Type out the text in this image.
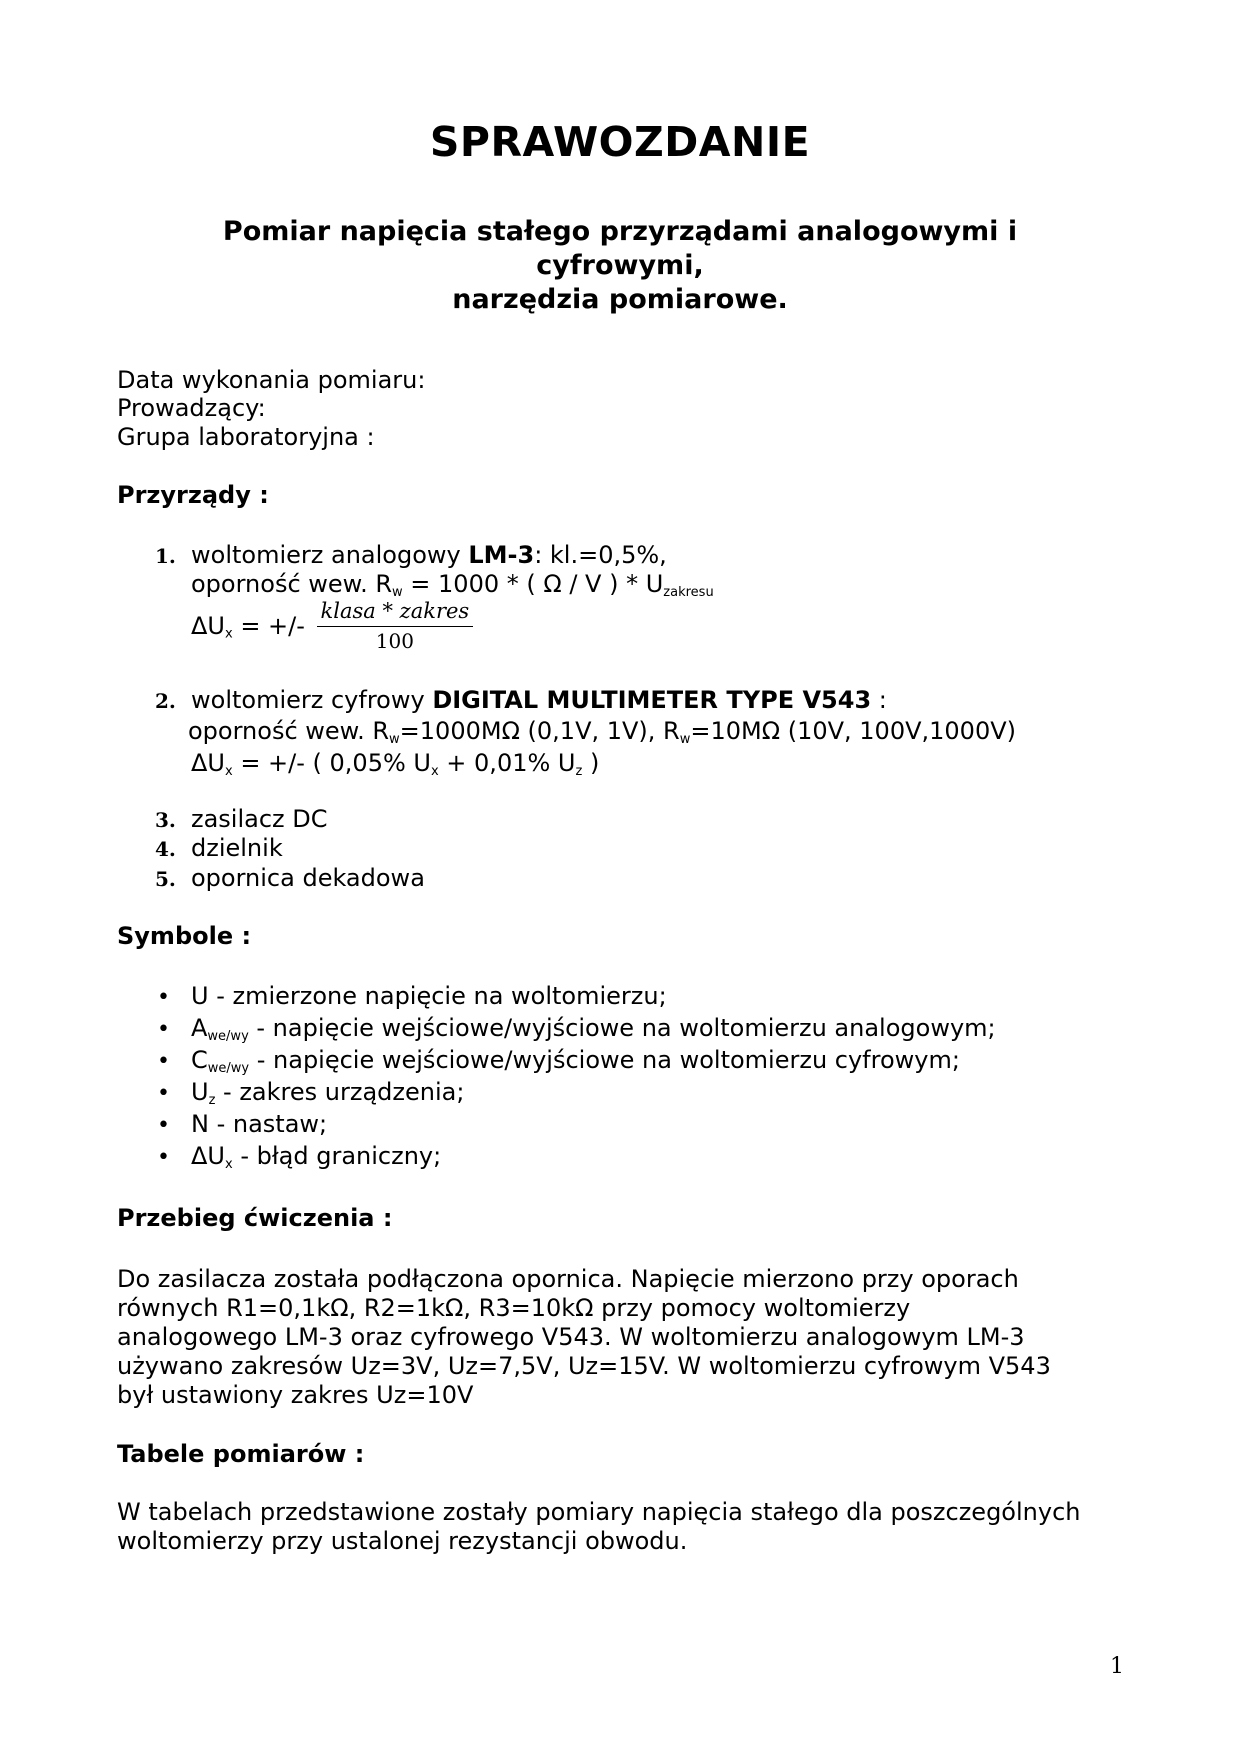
SPRAWOZDANIE
Pomiar napięcia stałego przyrządami analogowymi i
cyfrowymi,
narzędzia pomiarowe.
Data wykonania pomiaru:
Prowadzący:
Grupa laboratoryjna :
Przyrządy :
1. woltomierz analogowy LM-3: kl.=0,5%,
oporność wew. $R_w = 1000$ * ( Ω / V ) * $U_{zakresu}$
$\Delta U_x$ = +/- $\frac{\text{klasa * zakres}}{100}$
2. woltomierz cyfrowy DIGITAL MULTIMETER TYPE V543 :
oporność wew. $R_w=1000M\Omega$ (0,1V, 1V), $R_w=10M\Omega$ (10V, 100V,1000V)
$\Delta U_x$ = +/- ( 0,05% $U_x + 0,01\%$ $U_z$ )
3. zasilacz DC
4. dzielnik
5. opornica dekadowa
Symbole :
• U - zmierzone napięcie na woltomierzu;
• $A_{we/wy}$ - napięcie wejściowe/wyjściowe na woltomierzu analogowym;
• $C_{we/wy}$ - napięcie wejściowe/wyjściowe na woltomierzu cyfrowym;
• $U_z$ - zakres urządzenia;
• N - nastaw;
• $\Delta U_x$ - błąd graniczny;
Przebieg ćwiczenia :
Do zasilacza została podłączona opornica. Napięcie mierzono przy oporach
równych R1=0,1kΩ, R2=1kΩ, R3=10kΩ przy pomocy woltomierzy
analogowego LM-3 oraz cyfrowego V543. W woltomierzu analogowym LM-3
używano zakresów Uz=3V, Uz=7,5V, Uz=15V. W woltomierzu cyfrowym V543
był ustawiony zakres Uz=10V
Tabele pomiarów :
W tabelach przedstawione zostały pomiary napięcia stałego dla poszczególnych
woltomierzy przy ustalonej rezystancji obwodu.
1
